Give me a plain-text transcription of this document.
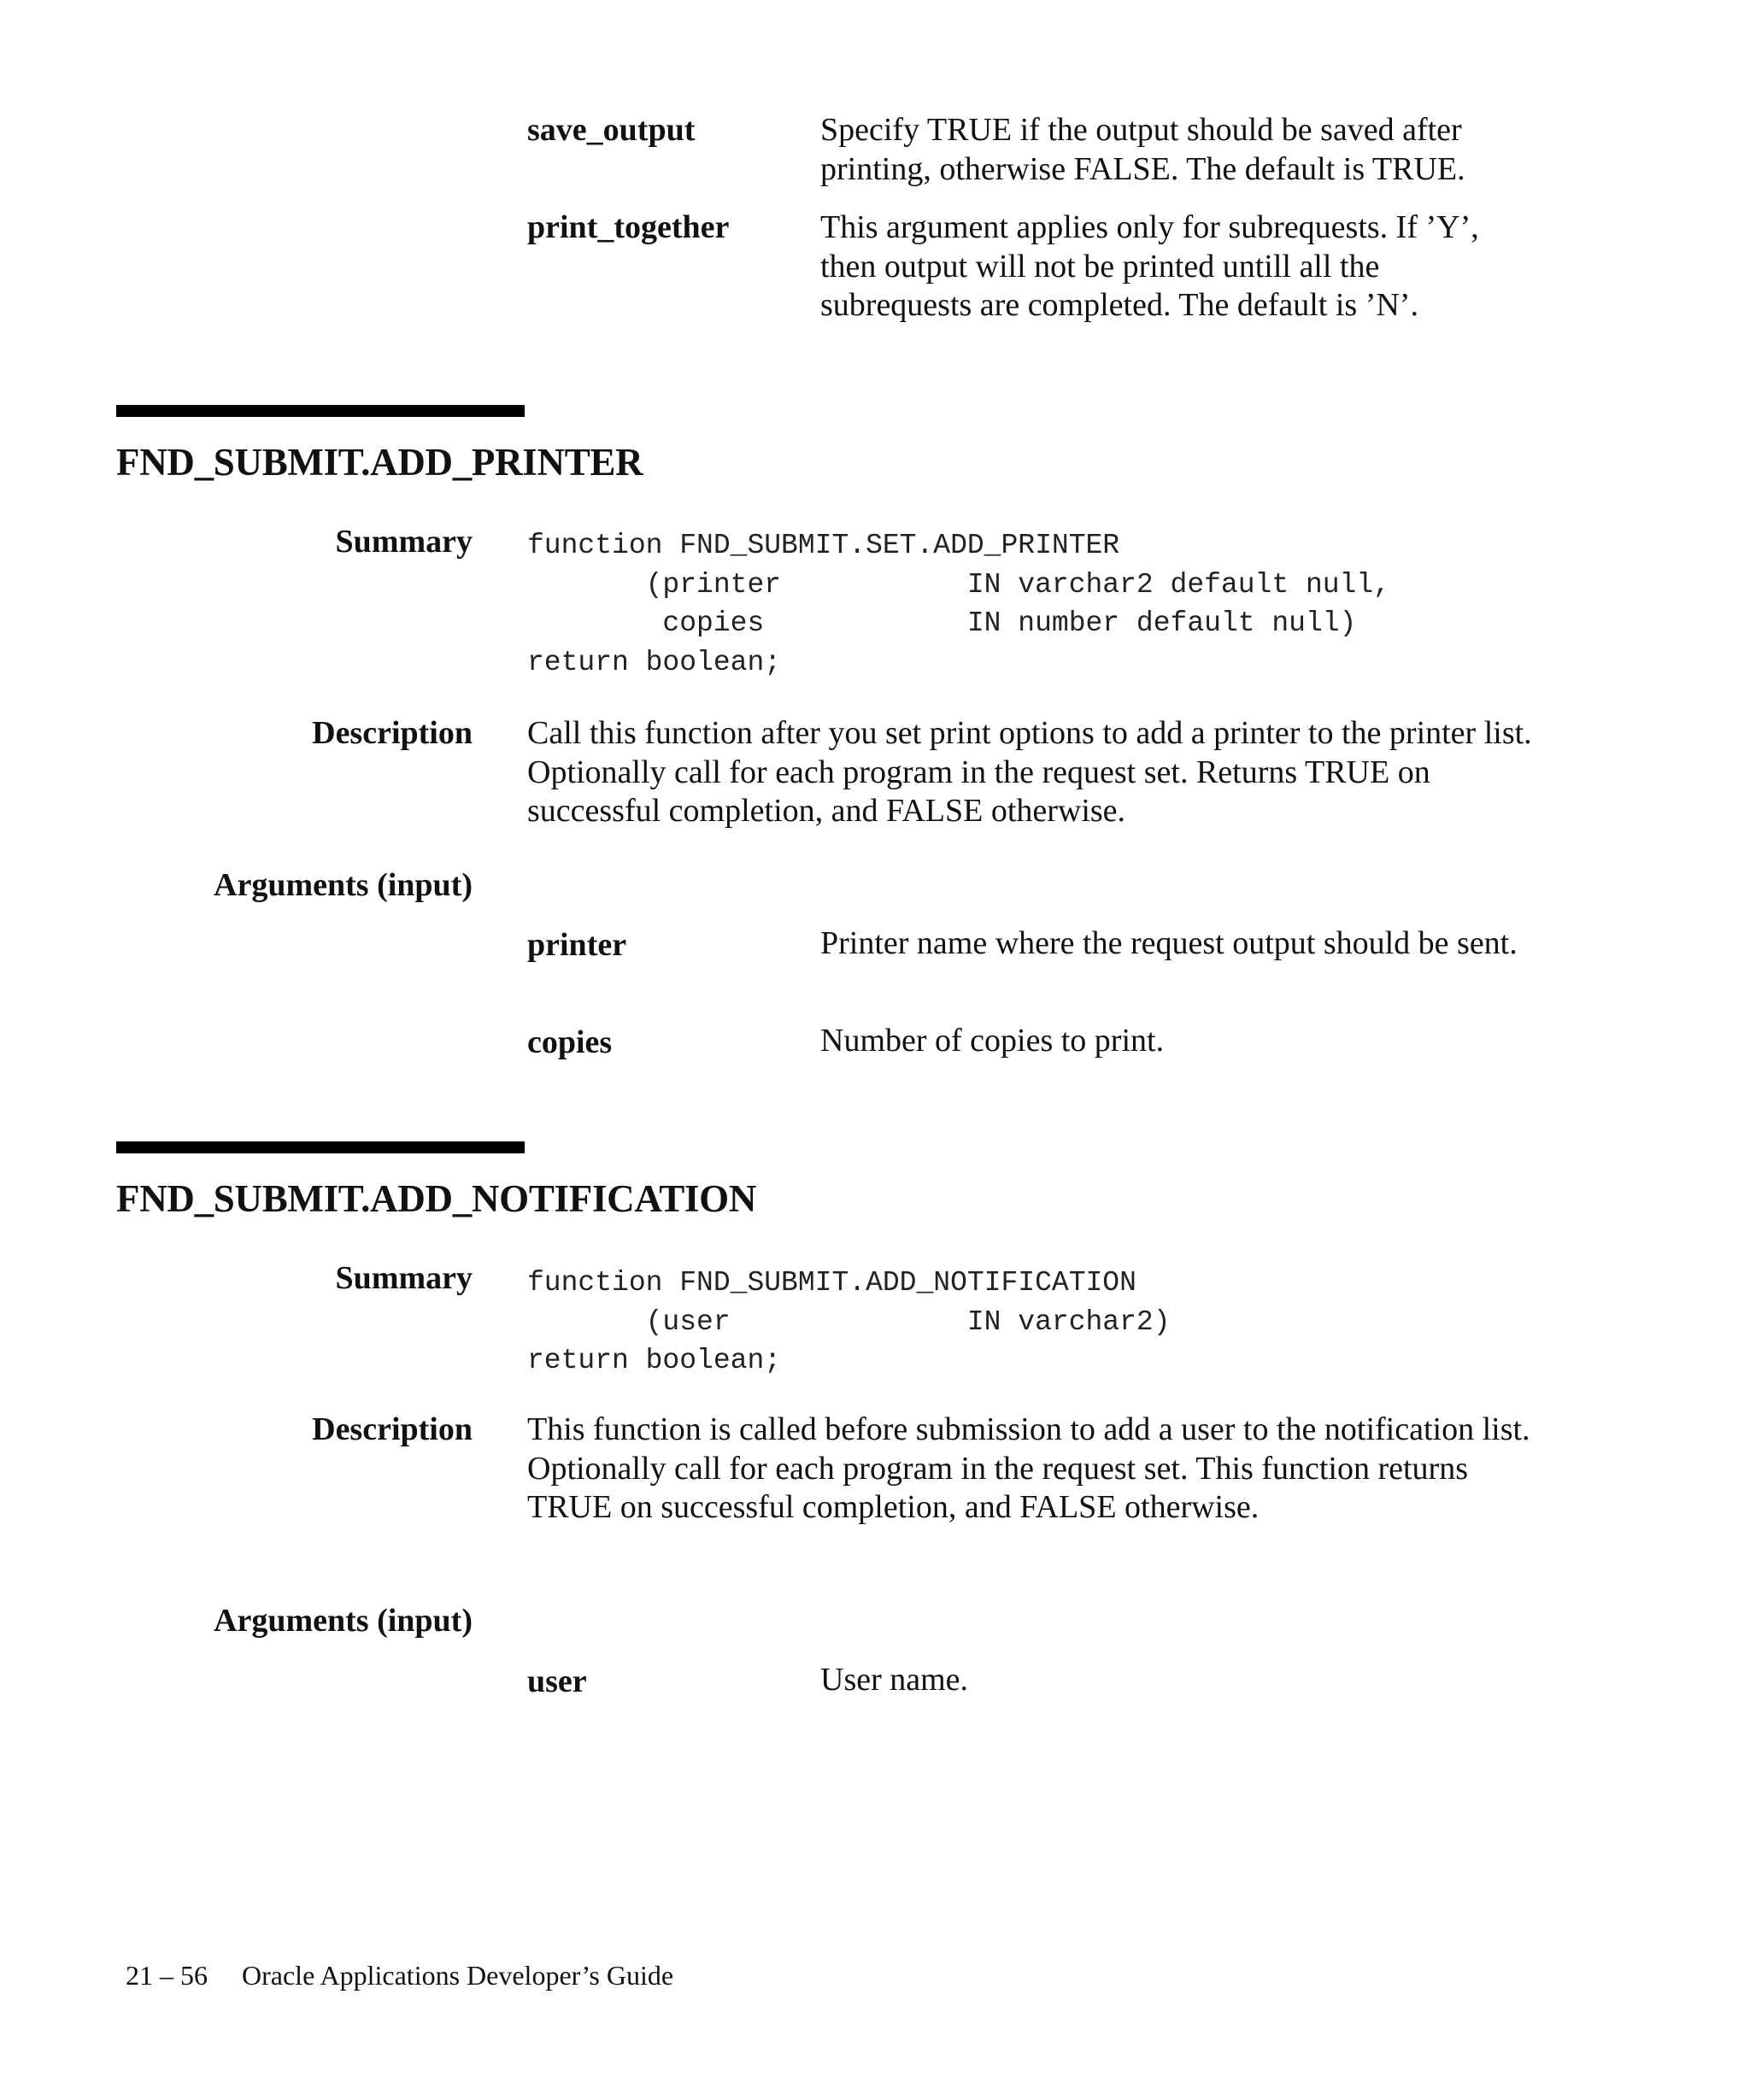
save_output	Specify TRUE if the output should be saved after printing, otherwise FALSE. The default is TRUE.
print_together	This argument applies only for subrequests. If ’Y’, then output will not be printed untill all the subrequests are completed. The default is ’N’.
FND_SUBMIT.ADD_PRINTER
Summary function FND_SUBMIT.SET.ADD_PRINTER
(printer           IN varchar2 default null,
copies            IN number default null)
return boolean;
Description Call this function after you set print options to add a printer to the printer list. Optionally call for each program in the request set. Returns TRUE on successful completion, and FALSE otherwise.
Arguments (input)
printer	Printer name where the request output should be sent.
copies	Number of copies to print.
FND_SUBMIT.ADD_NOTIFICATION
Summary function FND_SUBMIT.ADD_NOTIFICATION
(user              IN varchar2)
return boolean;
Description This function is called before submission to add a user to the notification list. Optionally call for each program in the request set. This function returns TRUE on successful completion, and FALSE otherwise.
Arguments (input)
user	User name.
21 – 56 Oracle Applications Developer’s Guide
